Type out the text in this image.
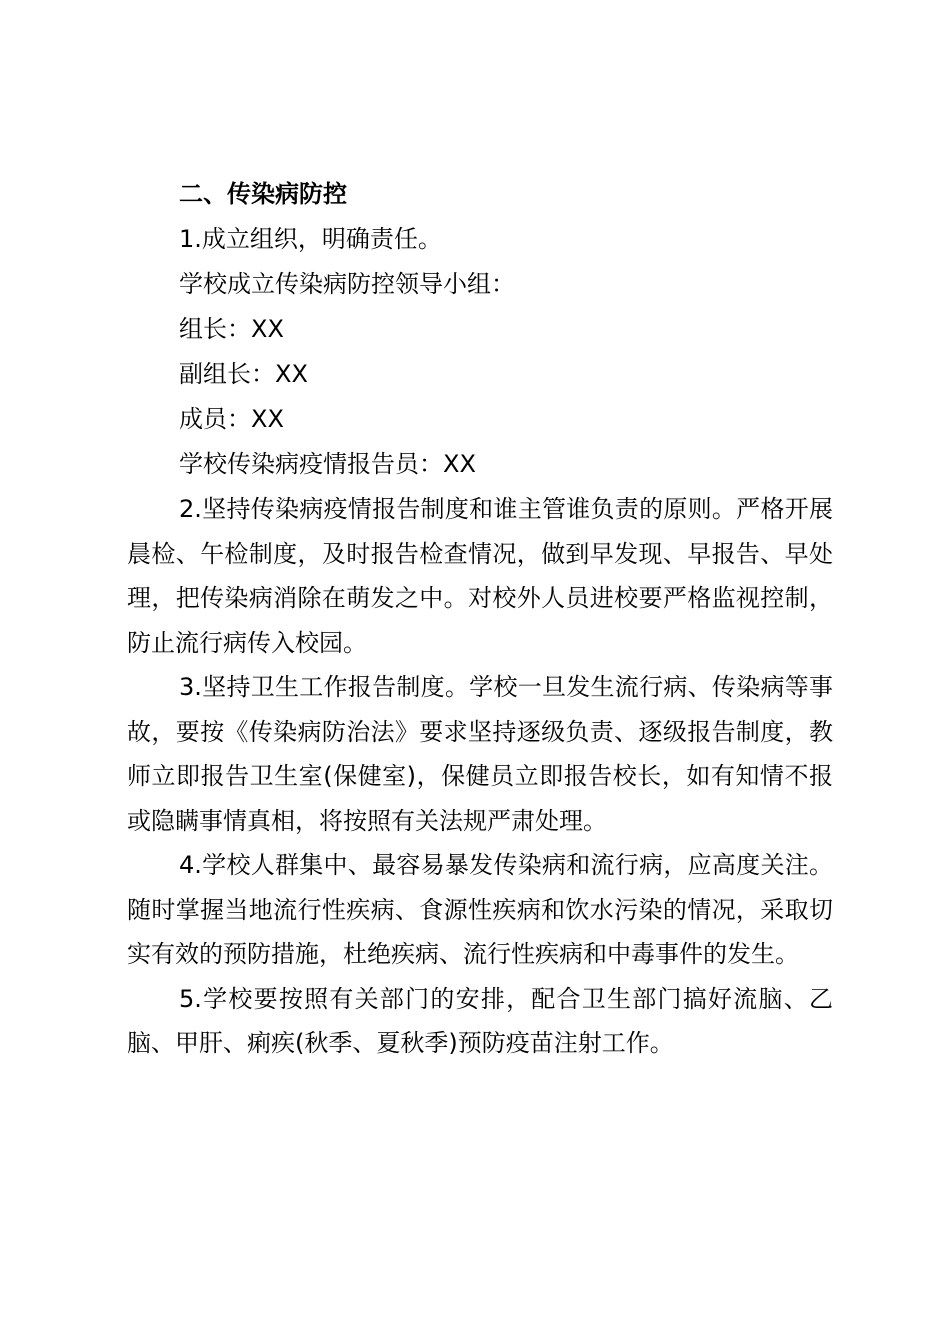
二、传染病防控

1.成立组织，明确责任。

学校成立传染病防控领导小组：

组长：XX

副组长：XX

成员：XX

学校传染病疫情报告员：XX

2.坚持传染病疫情报告制度和谁主管谁负责的原则。严格开展晨检、午检制度，及时报告检查情况，做到早发现、早报告、早处理，把传染病消除在萌发之中。对校外人员进校要严格监视控制，防止流行病传入校园。

3.坚持卫生工作报告制度。学校一旦发生流行病、传染病等事故，要按《传染病防治法》要求坚持逐级负责、逐级报告制度，教师立即报告卫生室(保健室)，保健员立即报告校长，如有知情不报或隐瞒事情真相，将按照有关法规严肃处理。

4.学校人群集中、最容易暴发传染病和流行病，应高度关注。随时掌握当地流行性疾病、食源性疾病和饮水污染的情况，采取切实有效的预防措施，杜绝疾病、流行性疾病和中毒事件的发生。

5.学校要按照有关部门的安排，配合卫生部门搞好流脑、乙脑、甲肝、痢疾(秋季、夏秋季)预防疫苗注射工作。
